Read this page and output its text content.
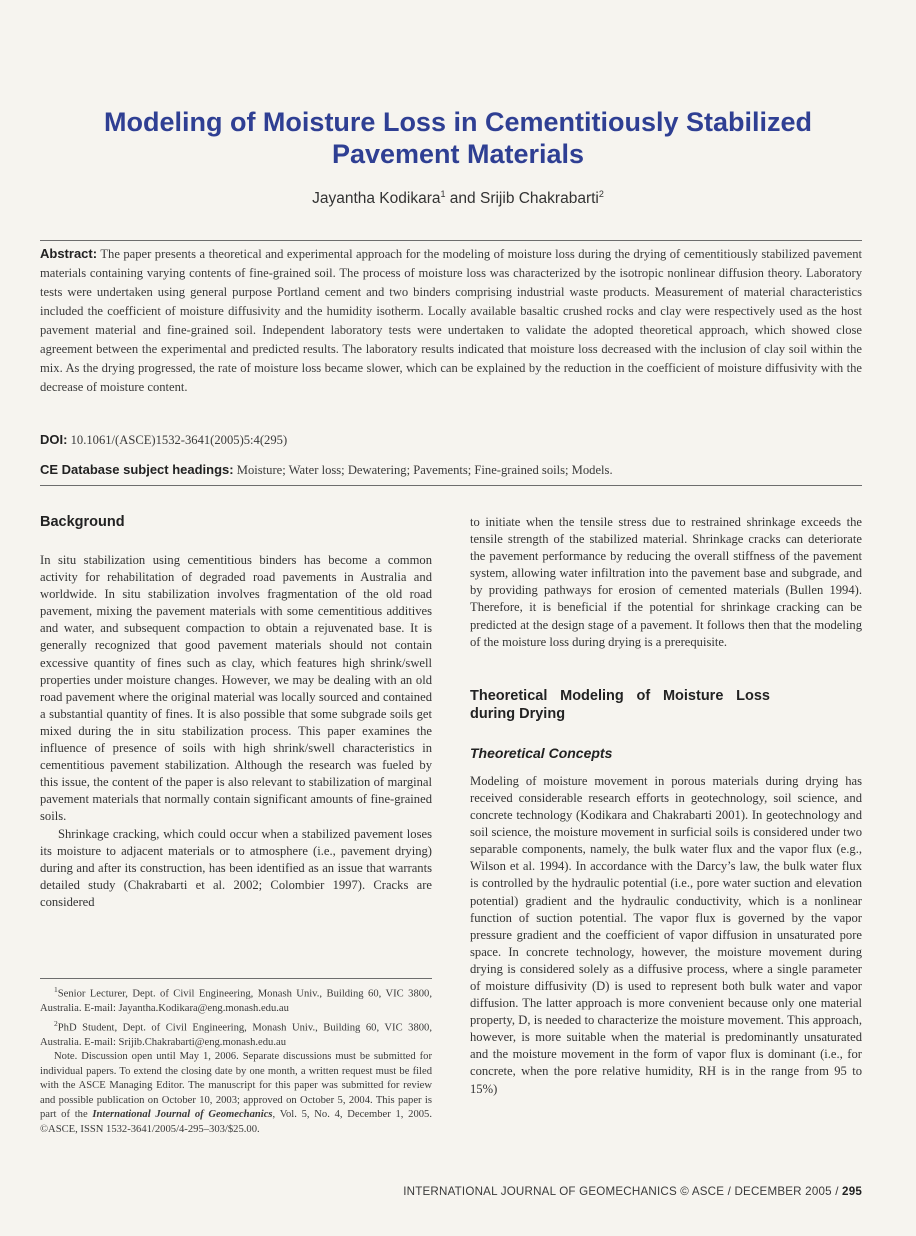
Modeling of Moisture Loss in Cementitiously Stabilized Pavement Materials
Jayantha Kodikara$^1$ and Srijib Chakrabarti$^2$
Abstract: The paper presents a theoretical and experimental approach for the modeling of moisture loss during the drying of cementitiously stabilized pavement materials containing varying contents of fine-grained soil. The process of moisture loss was characterized by the isotropic nonlinear diffusion theory. Laboratory tests were undertaken using general purpose Portland cement and two binders comprising industrial waste products. Measurement of material characteristics included the coefficient of moisture diffusivity and the humidity isotherm. Locally available basaltic crushed rocks and clay were respectively used as the host pavement material and fine-grained soil. Independent laboratory tests were undertaken to validate the adopted theoretical approach, which showed close agreement between the experimental and predicted results. The laboratory results indicated that moisture loss decreased with the inclusion of clay soil within the mix. As the drying progressed, the rate of moisture loss became slower, which can be explained by the reduction in the coefficient of moisture diffusivity with the decrease of moisture content.
DOI: 10.1061/(ASCE)1532-3641(2005)5:4(295)
CE Database subject headings: Moisture; Water loss; Dewatering; Pavements; Fine-grained soils; Models.

Background

In situ stabilization using cementitious binders has become a common activity for rehabilitation of degraded road pavements in Australia and worldwide. In situ stabilization involves fragmentation of the old road pavement, mixing the pavement materials with some cementitious additives and water, and subsequent compaction to obtain a rejuvenated base. It is generally recognized that good pavement materials should not contain excessive quantity of fines such as clay, which features high shrink/swell properties under moisture changes. However, we may be dealing with an old road pavement where the original material was locally sourced and contained a substantial quantity of fines. It is also possible that some subgrade soils get mixed during the in situ stabilization process. This paper examines the influence of presence of soils with high shrink/swell characteristics in cementitious pavement stabilization. Although the research was fueled by this issue, the content of the paper is also relevant to stabilization of marginal pavement materials that normally contain significant amounts of fine-grained soils.

Shrinkage cracking, which could occur when a stabilized pavement loses its moisture to adjacent materials or to atmosphere (i.e., pavement drying) during and after its construction, has been identified as an issue that warrants detailed study (Chakrabarti et al. 2002; Colombier 1997). Cracks are considered

$^1$Senior Lecturer, Dept. of Civil Engineering, Monash Univ., Building 60, VIC 3800, Australia. E-mail: Jayantha.Kodikara@eng.monash.edu.au

$^2$PhD Student, Dept. of Civil Engineering, Monash Univ., Building 60, VIC 3800, Australia. E-mail: Srijib.Chakrabarti@eng.monash.edu.au

Note. Discussion open until May 1, 2006. Separate discussions must be submitted for individual papers. To extend the closing date by one month, a written request must be filed with the ASCE Managing Editor. The manuscript for this paper was submitted for review and possible publication on October 10, 2003; approved on October 5, 2004. This paper is part of the International Journal of Geomechanics, Vol. 5, No. 4, December 1, 2005. ©ASCE, ISSN 1532-3641/2005/4-295–303/$25.00.

to initiate when the tensile stress due to restrained shrinkage exceeds the tensile strength of the stabilized material. Shrinkage cracks can deteriorate the pavement performance by reducing the overall stiffness of the pavement system, allowing water infiltration into the pavement base and subgrade, and by providing pathways for erosion of cemented materials (Bullen 1994). Therefore, it is beneficial if the potential for shrinkage cracking can be predicted at the design stage of a pavement. It follows then that the modeling of the moisture loss during drying is a prerequisite.

Theoretical Modeling of Moisture Loss during Drying

Theoretical Concepts

Modeling of moisture movement in porous materials during drying has received considerable research efforts in geotechnology, soil science, and concrete technology (Kodikara and Chakrabarti 2001). In geotechnology and soil science, the moisture movement in surficial soils is considered under two separable components, namely, the bulk water flux and the vapor flux (e.g., Wilson et al. 1994). In accordance with the Darcy’s law, the bulk water flux is controlled by the hydraulic potential (i.e., pore water suction and elevation potential) gradient and the hydraulic conductivity, which is a nonlinear function of suction potential. The vapor flux is governed by the vapor pressure gradient and the coefficient of vapor diffusion in unsaturated pore space. In concrete technology, however, the moisture movement during drying is considered solely as a diffusive process, where a single parameter of moisture diffusivity (D) is used to represent both bulk water and vapor diffusion. The latter approach is more convenient because only one material property, D, is needed to characterize the moisture movement. This approach, however, is more suitable when the material is predominantly unsaturated and the moisture movement in the form of vapor flux is dominant (i.e., for concrete, when the pore relative humidity, RH is in the range from 95 to 15%)

INTERNATIONAL JOURNAL OF GEOMECHANICS © ASCE / DECEMBER 2005 / 295
